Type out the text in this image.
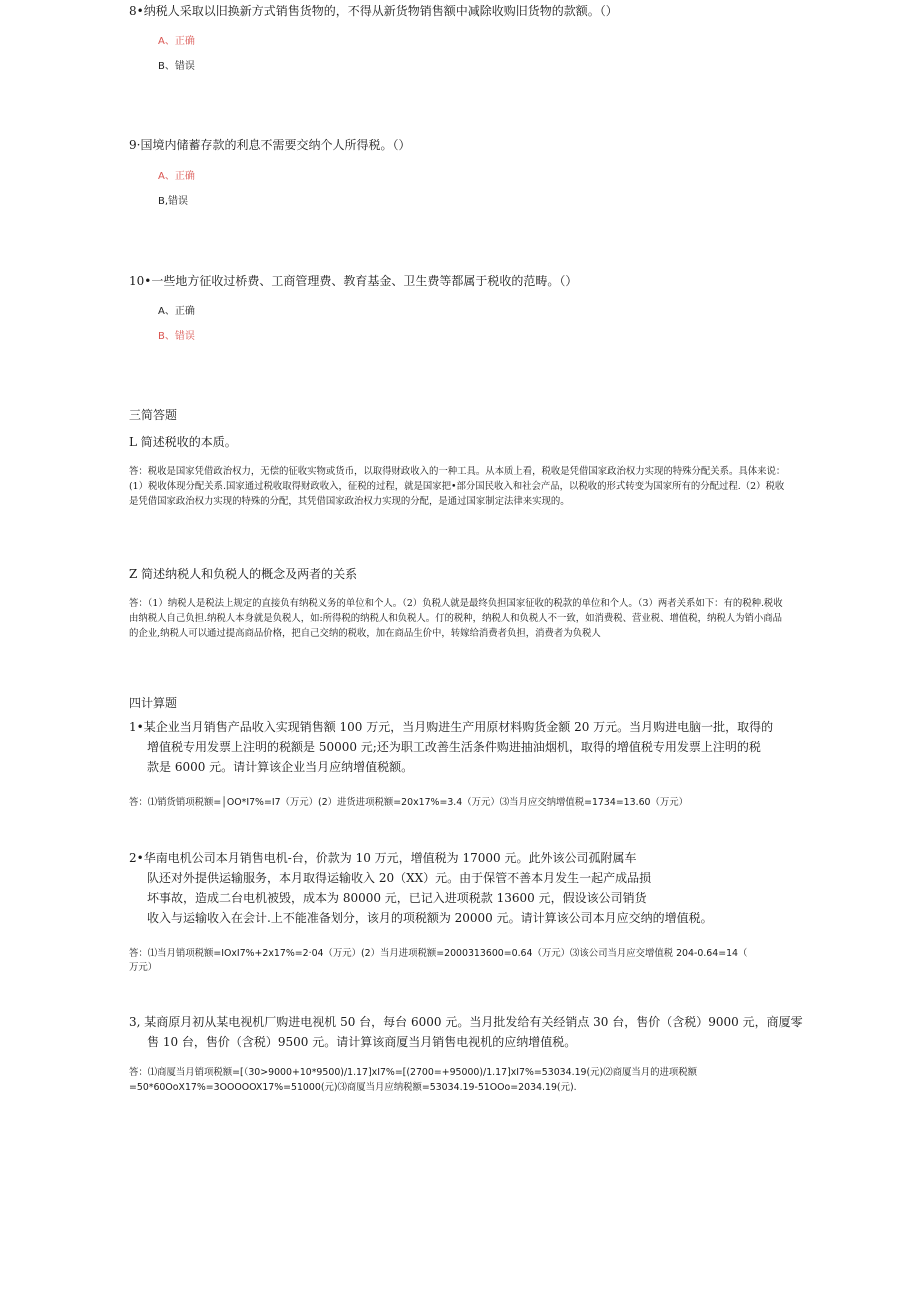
8•纳税人采取以旧换新方式销售货物的，不得从新货物销售额中减除收购旧货物的款额。（）
A、正确
B、错误
9·国境内储蓄存款的利息不需要交纳个人所得税。（）
A、正确
B,错误
10•一些地方征收过桥费、工商管理费、教育基金、卫生费等都属于税收的范畴。（）
A、正确
B、错误
三简答题
L 简述税收的本质。
答：税收是国家凭借政治权力，无偿的征收实物或货币，以取得财政收入的一种工具。从本质上看，税收是凭借国家政治权力实现的特殊分配关系。具体来说：(1）税收体现分配关系.国家通过税收取得财政收入，征税的过程，就是国家把•部分国民收入和社会产品，以税收的形式转变为国家所有的分配过程.（2）税收是凭借国家政治权力实现的特殊的分配，其凭借国家政治权力实现的分配，是通过国家制定法律来实现的。
Z 简述纳税人和负税人的概念及两者的关系
答：（1）纳税人是税法上规定的直接负有纳税义务的单位和个人。（2）负税人就是最终负担国家征收的税款的单位和个人。（3）两者关系如下：有的税种.税收由纳税人自己负担.纳税人本身就是负税人，如:所得税的纳税人和负税人。仃的税种，纳税人和负税人不一致，如消费税、营业税、增值税，纳税人为销小商品的企业,纳税人可以通过提高商品价格，把自己交纳的税收，加在商品生价中，转嫁给消费者负担，消费者为负税人
四计算题
1•某企业当月销售产品收入实现销售额 100 万元，当月购进生产用原材料购货金额 20 万元。当月购进电脑一批，取得的
增值税专用发票上注明的税额是 50000 元;还为职工改善生活条件购进抽油烟机，取得的增值税专用发票上注明的税
款是 6000 元。请计算该企业当月应纳增值税额。
答：⑴销货销项税额=│OO*I7%=I7（万元）(2）进货进项税额=20x17%=3.4（万元）⑶当月应交纳增值税=1734=13.60（万元）
2•华南电机公司本月销售电机-台，价款为 10 万元，增值税为 17000 元。此外该公司孤附属车
队还对外提供运输服务，本月取得运输收入 20（XX）元。由于保管不善本月发生一起产成品损
坏事故，造成二台电机被毁，成本为 80000 元，已记入进项税款 13600 元，假设该公司销货
收入与运输收入在会计.上不能准备划分，该月的项税额为 20000 元。请计算该公司本月应交纳的增值税。
答：⑴当月销项税额=IOxI7%+2x17%=2·04（万元）(2）当月进项税额=2000313600=0.64（万元）⑶该公司当月应交增值税 204-0.64=14（
万元）
3, 某商原月初从某电视机厂购进电视机 50 台，每台 6000 元。当月批发给有关经销点 30 台，售价（含税）9000 元，商厦零
售 10 台，售价（含税）9500 元。请计算该商厦当月销售电视机的应纳增值税。
答：⑴商厦当月销项税额=[（30>9000+10*9500)/1.17]xI7%=[(2700=+95000)/1.17]xI7%=53034.19(元)⑵商厦当月的进项税额
=50*60OoX17%=3OOOOOX17%=51000(元)⑶商厦当月应纳税额=53034.19-51OOo=2034.19(元).
